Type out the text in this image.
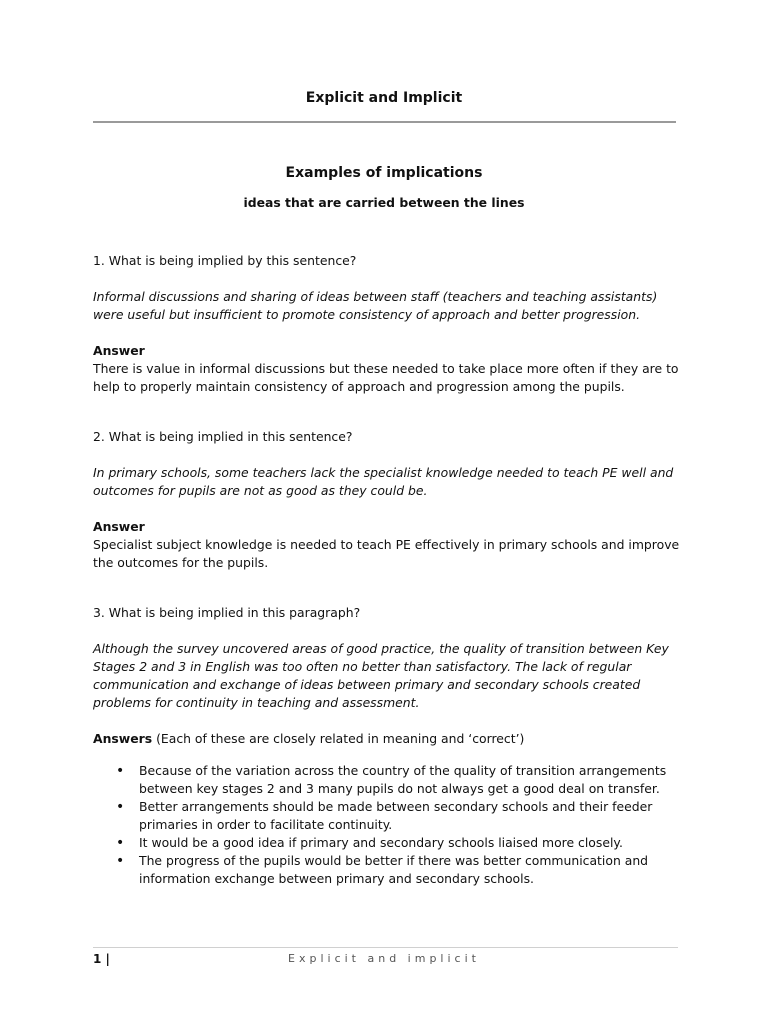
Explicit and Implicit
Examples of implications
ideas that are carried between the lines

1. What is being implied by this sentence?

Informal discussions and sharing of ideas between staff (teachers and teaching assistants) were useful but insufficient to promote consistency of approach and better progression.

Answer

There is value in informal discussions but these needed to take place more often if they are to help to properly maintain consistency of approach and progression among the pupils.

2. What is being implied in this sentence?

In primary schools, some teachers lack the specialist knowledge needed to teach PE well and outcomes for pupils are not as good as they could be.

Answer

Specialist subject knowledge is needed to teach PE effectively in primary schools and improve the outcomes for the pupils.

3. What is being implied in this paragraph?

Although the survey uncovered areas of good practice, the quality of transition between Key Stages 2 and 3 in English was too often no better than satisfactory. The lack of regular communication and exchange of ideas between primary and secondary schools created problems for continuity in teaching and assessment.

Answers (Each of these are closely related in meaning and ‘correct’)

• Because of the variation across the country of the quality of transition arrangements between key stages 2 and 3 many pupils do not always get a good deal on transfer.
• Better arrangements should be made between secondary schools and their feeder primaries in order to facilitate continuity.
• It would be a good idea if primary and secondary schools liaised more closely.
• The progress of the pupils would be better if there was better communication and information exchange between primary and secondary schools.
1 |	Explicit and implicit
